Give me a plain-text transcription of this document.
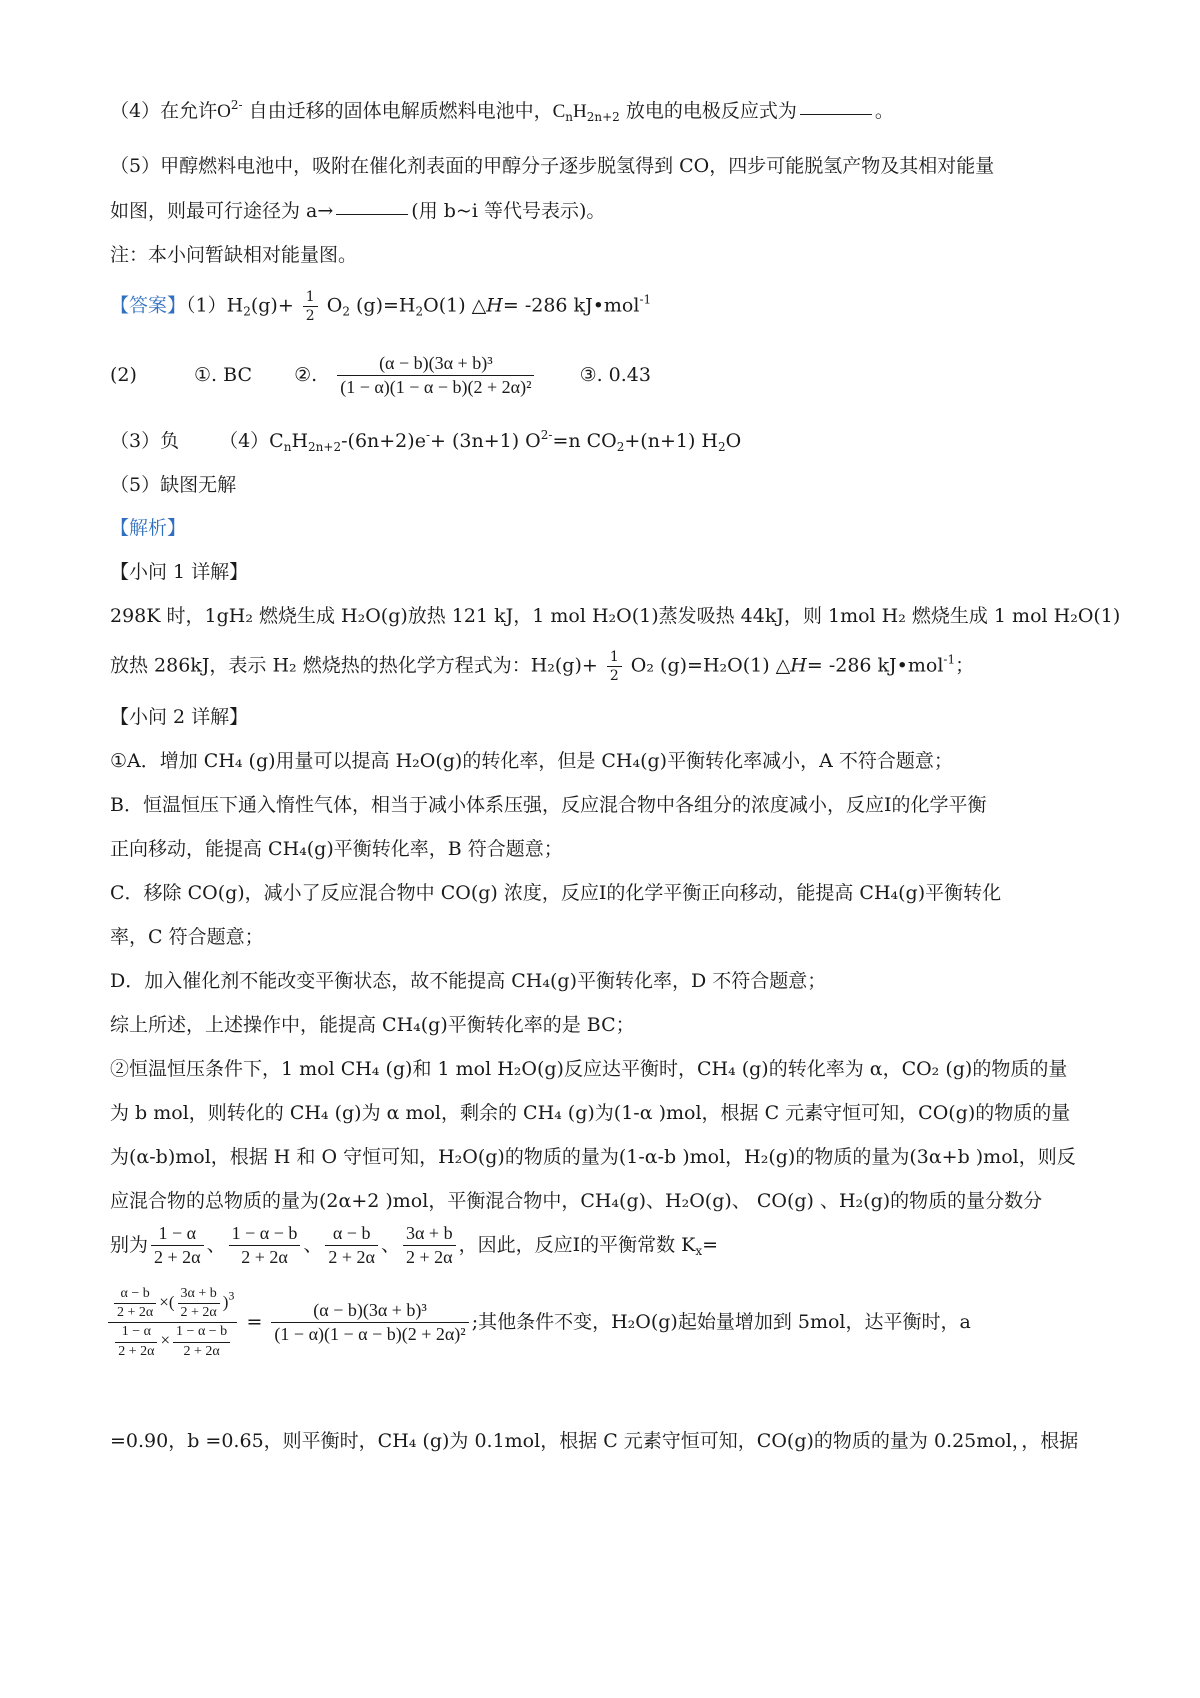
（4）在允许$O^{2-}$ 自由迁移的固体电解质燃料电池中，$C_nH_{2n+2}$ 放电的电极反应式为	。
（5）甲醇燃料电池中，吸附在催化剂表面的甲醇分子逐步脱氢得到 CO，四步可能脱氢产物及其相对能量
如图，则最可行途径为 a→	(用 b~i 等代号表示)。
注：本小问暂缺相对能量图。
【答案】$(1)H_2(g)+ \frac{1}{2} O_2$ $(g)=H_2O(1)$ △H= -286 kJ•mol$^{-1}$
(2)	①. BC ②. $\frac{\text{(α − b)(3α + b)³}}{\text{(1 − α)(1 − α − b)(2 + 2α)²}}$ ③. 0.43
（3）负 $(4)C_nH_{2n+2}-(6n+2)e^-+ (3n+1)$ $O^{2-}=n$ $CO_2+(n+1)$ $H_2O$
（5）缺图无解
【解析】
【小问 1 详解】
298K 时，1gH₂ 燃烧生成 H₂O(g)放热 121 kJ，1 mol H₂O(1)蒸发吸热 44kJ，则 1mol H₂ 燃烧生成 1 mol H₂O(1)
放热 286kJ，表示 H₂ 燃烧热的热化学方程式为：$H_2(g)+ \frac{1}{2} O_2$ (g)=H₂O(1) △H= -286 kJ•mol$^{-1}$；
【小问 2 详解】
①A．增加 CH₄ (g)用量可以提高 H₂O(g)的转化率，但是 CH₄(g)平衡转化率减小，A 不符合题意；
B．恒温恒压下通入惰性气体，相当于减小体系压强，反应混合物中各组分的浓度减小，反应Ⅰ的化学平衡
正向移动，能提高 CH₄(g)平衡转化率，B 符合题意；
C．移除 CO(g)，减小了反应混合物中 CO(g) 浓度，反应Ⅰ的化学平衡正向移动，能提高 CH₄(g)平衡转化
率，C 符合题意；
D．加入催化剂不能改变平衡状态，故不能提高 CH₄(g)平衡转化率，D 不符合题意；
综上所述，上述操作中，能提高 CH₄(g)平衡转化率的是 BC；
②恒温恒压条件下，1 mol CH₄ (g)和 1 mol H₂O(g)反应达平衡时，CH₄ (g)的转化率为 α，CO₂ (g)的物质的量
为 b mol，则转化的 CH₄ (g)为 α mol，剩余的 CH₄ (g)为(1-α )mol，根据 C 元素守恒可知，CO(g)的物质的量
为(α-b)mol，根据 H 和 O 守恒可知，H₂O(g)的物质的量为(1-α-b )mol，H₂(g)的物质的量为(3α+b )mol，则反
应混合物的总物质的量为(2α+2 )mol，平衡混合物中，CH₄(g)、H₂O(g)、 CO(g) 、H₂(g)的物质的量分数分
别为 $\frac{1 - \alpha}{2 + 2\alpha}$ 、 $\frac{1 - \alpha - b}{2 + 2\alpha}$ 、 $\frac{\alpha - b}{2 + 2\alpha}$ 、 $\frac{3\alpha + b}{2 + 2\alpha}$ ，因此，反应Ⅰ的平衡常数 $K_x=$
$\frac{\frac{\alpha - b}{2 + 2\alpha} \times( \frac{3\alpha + b}{2 + 2\alpha} )^3}{\frac{1 - \alpha}{2 + 2\alpha} \times \frac{1 - \alpha - b}{2 + 2\alpha}} = \frac{\text{(α − b)(3α + b)³}}{\text{(1 − α)(1 − α − b)(2 + 2α)²}}$ ;其他条件不变，H₂O(g)起始量增加到 5mol，达平衡时，a
=0.90，b =0.65，则平衡时，CH₄ (g)为 0.1mol，根据 C 元素守恒可知，CO(g)的物质的量为 0.25mol，，根据
